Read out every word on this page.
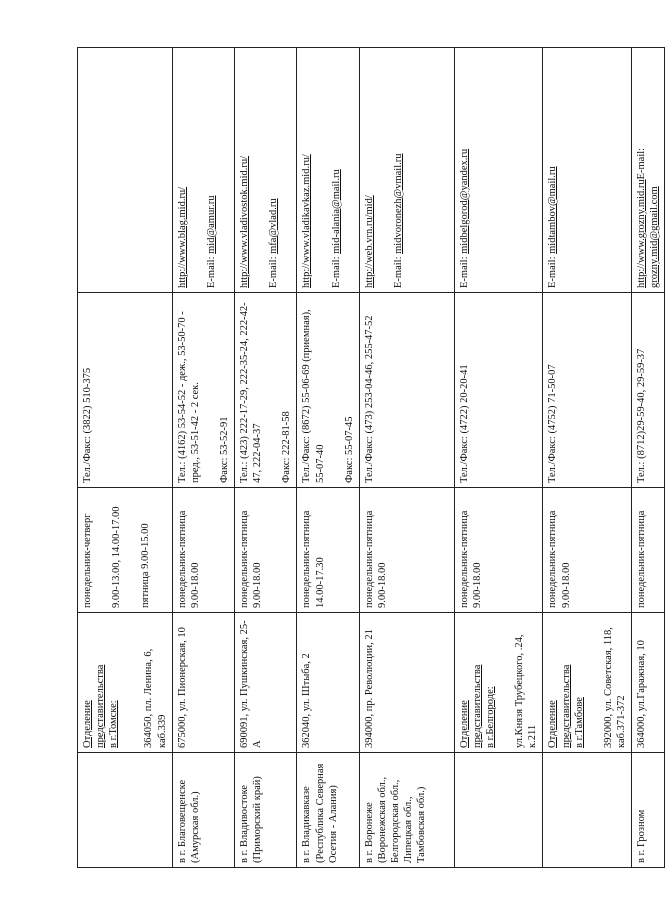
	Отделение представительства в г.Томске: 364050, пл. Ленина, 6, каб.339	понедельник-четверг 9.00-13.00, 14.00-17.00 пятница 9.00-15.00	Тел./Факс: (3822) 510-375	
в г. Благовещенске (Амурская обл.)	675000, ул. Пионерская, 10	понедельник-пятница 9.00-18.00	Тел.: (4162) 53-54-52 - деж., 53-50-70 - пред., 53-51-42 - 2 сек. Факс: 53-52-91	http://www.blag.mid.ru/ E-mail: mid@amur.ru
в г. Владивостоке (Приморский край)	690091, ул. Пушкинская, 25-А	понедельник-пятница 9.00-18.00	Тел.: (423) 222-17-29, 222-35-24, 222-42-47, 222-04-37 Факс: 222-81-58	http://www.vladivostok.mid.ru/ E-mail: mfa@vlad.ru
в г. Владикавказе (Республика Северная Осетия - Алания)	362040, ул. Штыба, 2	понедельник-пятница 14.00-17.30	Тел./Факс: (8672) 55-06-69 (приемная), 55-07-40 Факс: 55-07-45	http://www.vladikavkaz.mid.ru/ E-mail: mid-alania@mail.ru
в г. Воронеже (Воронежская обл., Белгородская обл., Липецкая обл., Тамбовская обл.)	394000, пр. Революции, 21	понедельник-пятница 9.00-18.00	Тел./Факс: (473) 253-04-46, 255-47-52	http://web.vrn.ru/mid/ E-mail: midvoronezh@vmail.ru
	Отделение представительства в г.Белгороде: ул.Князя Трубецкого, .24, к.211	понедельник-пятница 9.00-18.00	Тел./Факс: (4722) 20-20-41	E-mail: midbelgorod@yandex.ru
	Отделение представительства в г.Тамбове 392000, ул. Советская, 118, каб.371-372	понедельник-пятница 9.00-18.00	Тел./Факс: (4752) 71-50-07	E-mail: midtambov@mail.ru
в г. Грозном	364000, ул.Гаражная, 10	понедельник-пятница	Тел.: (8712)29-59-40, 29-59-37	http://www.grozny.mid.ruE-mail: grozny.mid@gmail.com
